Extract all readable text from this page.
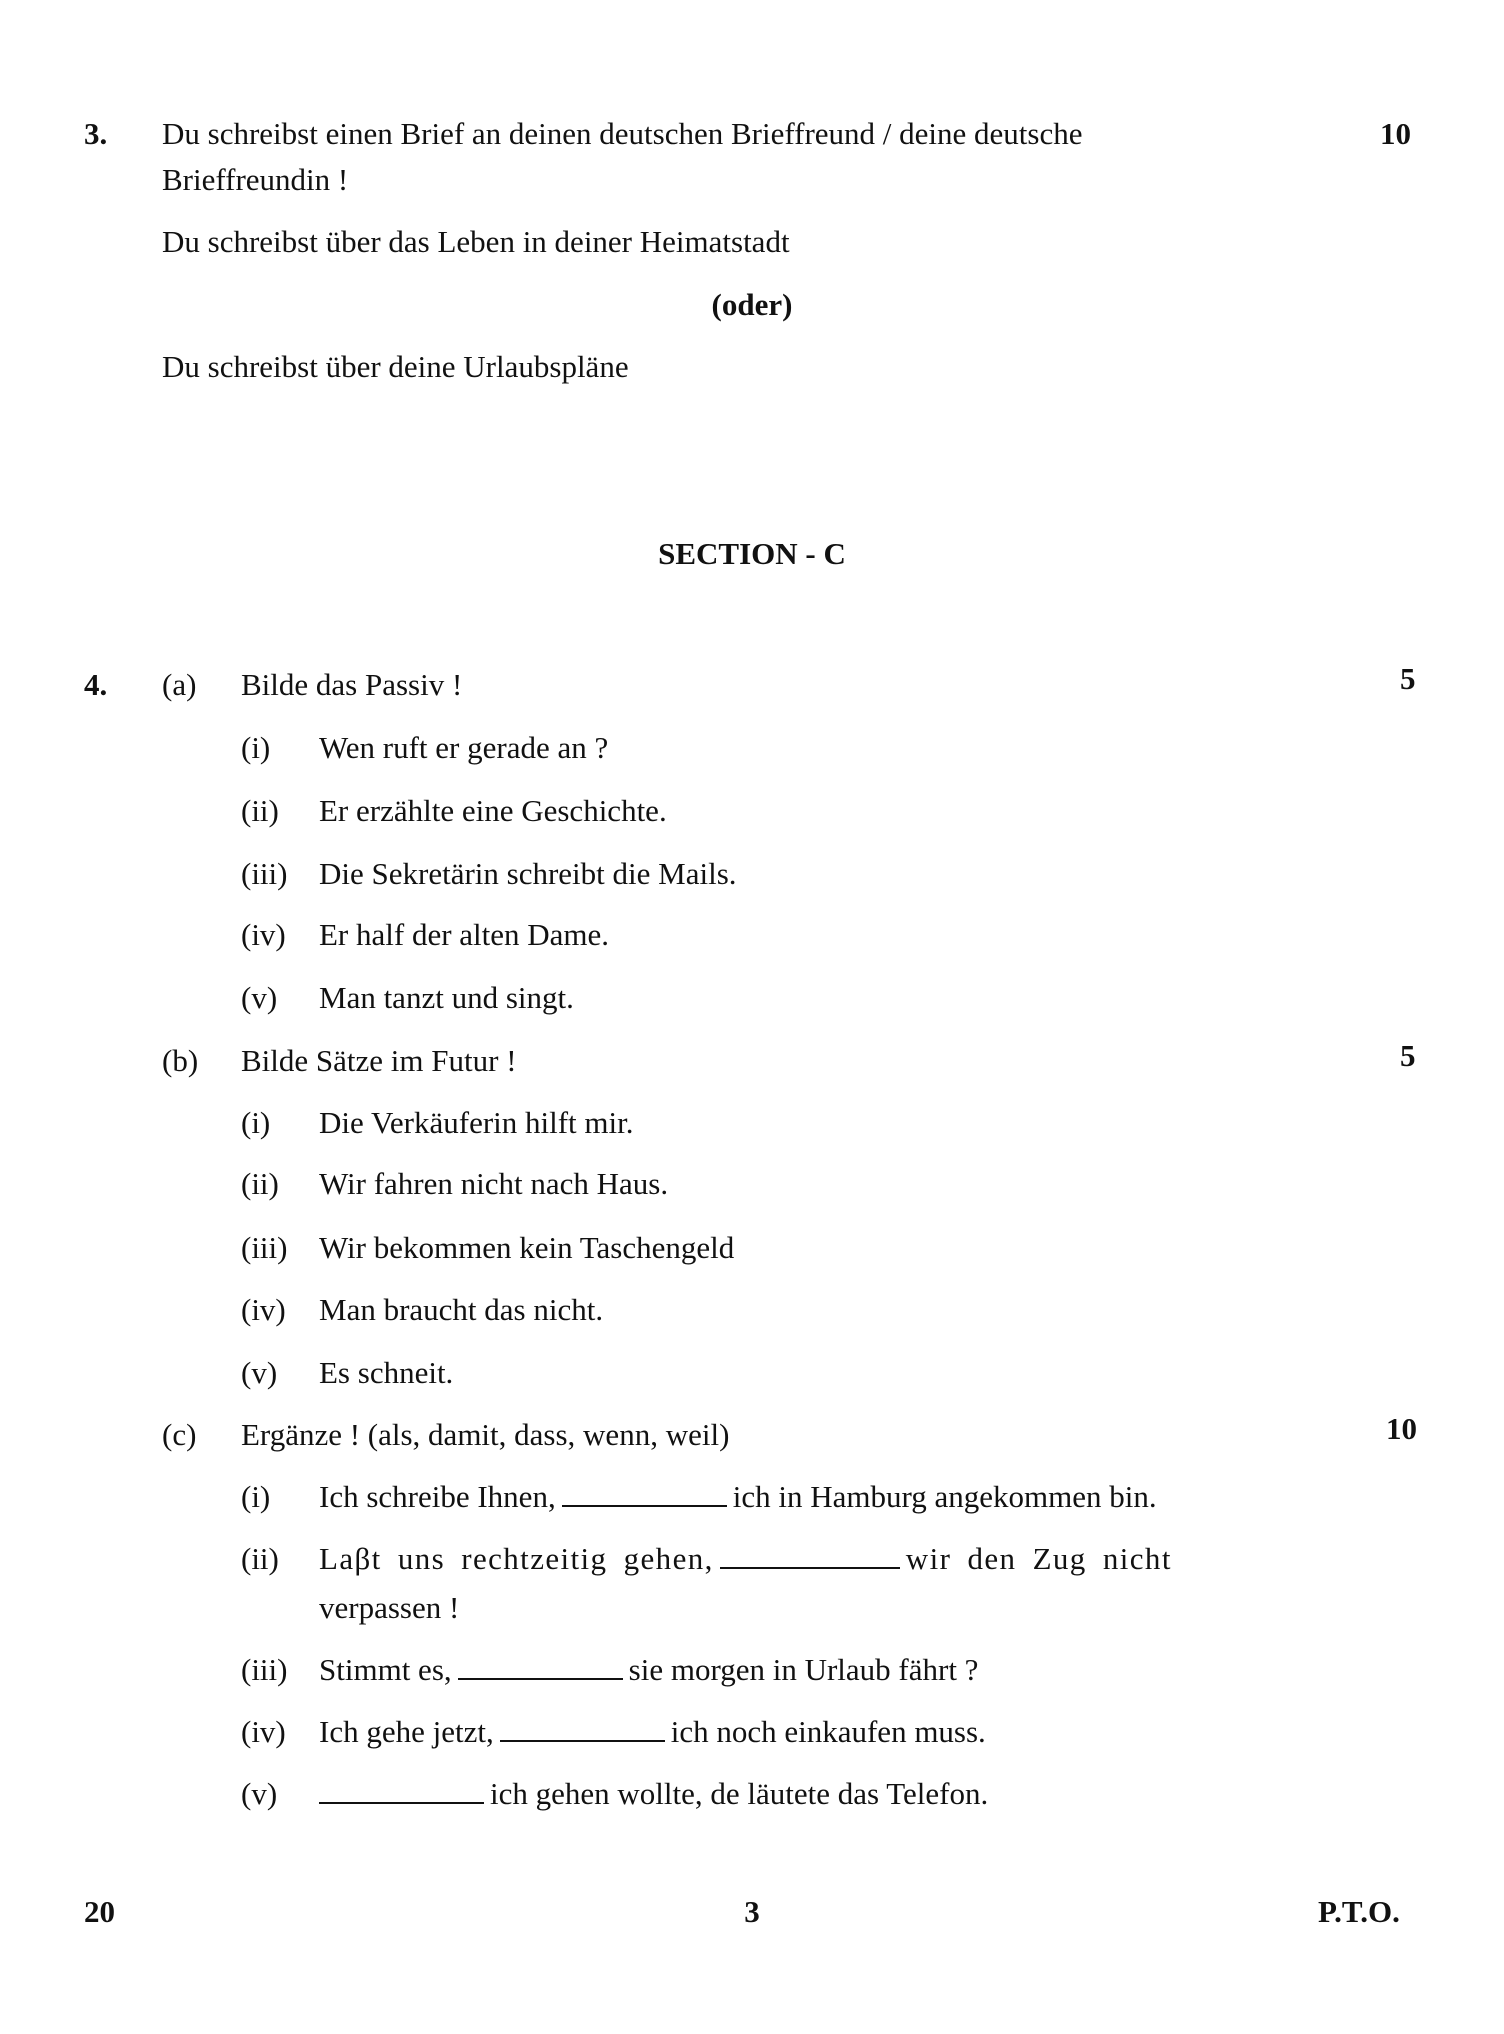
3. Du schreibst einen Brief an deinen deutschen Brieffreund / deine deutsche	10
Brieffreundin !
Du schreibst über das Leben in deiner Heimatstadt
(oder)
Du schreibst über deine Urlaubspläne
SECTION - C
4. (a) Bilde das Passiv !	5
(i) Wen ruft er gerade an ?
(ii) Er erzählte eine Geschichte.
(iii) Die Sekretärin schreibt die Mails.
(iv) Er half der alten Dame.
(v) Man tanzt und singt.
(b) Bilde Sätze im Futur !	5
(i) Die Verkäuferin hilft mir.
(ii) Wir fahren nicht nach Haus.
(iii) Wir bekommen kein Taschengeld
(iv) Man braucht das nicht.
(v) Es schneit.
(c) Ergänze ! (als, damit, dass, wenn, weil)	10
(i) Ich schreibe Ihnen,	ich in Hamburg angekommen bin.
(ii) Laβt uns rechtzeitig gehen,	wir den Zug nicht
verpassen !
(iii) Stimmt es,	sie morgen in Urlaub fährt ?
(iv) Ich gehe jetzt,	ich noch einkaufen muss.
(v)	ich gehen wollte, de läutete das Telefon.
20	3	P.T.O.
